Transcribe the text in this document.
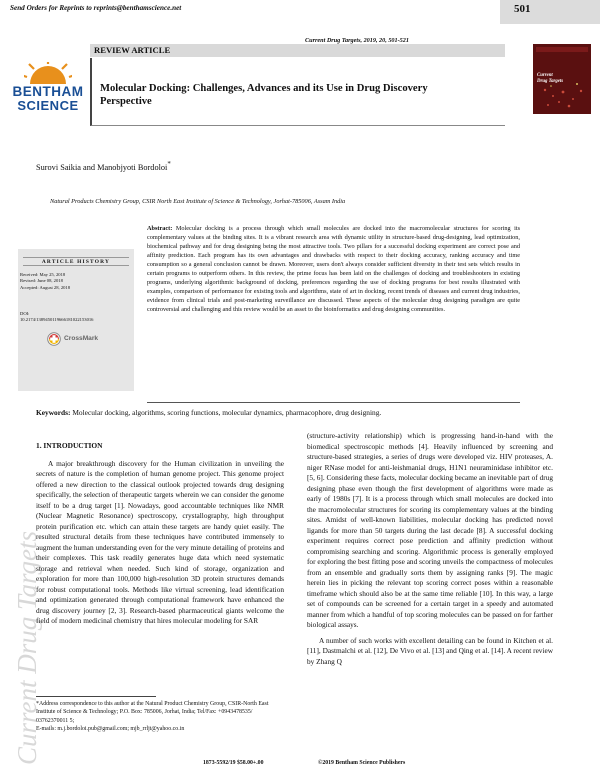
Send Orders for Reprints to reprints@benthamscience.net	501
Current Drug Targets, 2019, 20, 501-521
BENTHAM
SCIENCE
REVIEW ARTICLE
Molecular Docking: Challenges, Advances and its Use in Drug Discovery
Perspective
Current
Drug Targets
Surovi Saikia and Manobjyoti Bordoloi*
Natural Products Chemistry Group, CSIR North East Institute of Science & Technology, Jorhat-785006, Assam India
Current Drug Targets
ARTICLE HISTORY
Received: May 25, 2018
Revised: June 08, 2018
Accepted: August 28, 2018
DOI:
10.2174/1389450119666181022153016
CrossMark
Abstract: Molecular docking is a process through which small molecules are docked into the macromolecular structures for scoring its complementary values at the binding sites. It is a vibrant research area with dynamic utility in structure-based drug-designing, lead optimization, biochemical pathway and for drug designing being the most attractive tools. Two pillars for a successful docking experiment are correct pose and affinity prediction. Each program has its own advantages and drawbacks with respect to their docking accuracy, ranking accuracy and time consumption so a general conclusion cannot be drawn. Moreover, users don't always consider sufficient diversity in their test sets which results in certain programs to outperform others. In this review, the prime focus has been laid on the challenges of docking and troubleshooters in existing programs, underlying algorithmic background of docking, preferences regarding the use of docking programs for best results illustrated with examples, comparison of performance for existing tools and algorithms, state of art in docking, recent trends of diseases and current drug industries, evidence from clinical trials and post-marketing surveillance are discussed. These aspects of the molecular drug designing paradigm are quite controversial and challenging and this review would be an asset to the bioinformatics and drug designing communities.
Keywords: Molecular docking, algorithms, scoring functions, molecular dynamics, pharmacophore, drug designing.
1. INTRODUCTION

A major breakthrough discovery for the Human civilization in unveiling the secrets of nature is the completion of human genome project. This genome project offered a new direction to the classical outlook projected towards drug designing specifically, the selection of therapeutic targets wherein we can consider the genome itself to be a drug target [1]. Nowadays, good accountable techniques like NMR (Nuclear Magnetic Resonance) spectroscopy, crystallography, high throughput protein purification etc. which can attain these targets are handy quiet easily. The resulted structural details from these techniques have contributed immensely to augment the human understanding even for the very minute detailing of proteins and their complexes. This task readily generates huge data which need systematic storage and retrieval when needed. Such kind of storage, organization and exploration for more than 100,000 high-resolution 3D protein structures demands for robust computational tools. Methods like virtual screening, lead identification and optimization generated through computational framework have enhanced the drug discovery journey [2, 3]. Research-based pharmaceutical giants welcome the field of modern medicinal chemistry that hires molecular modeling for SAR

(structure-activity relationship) which is progressing hand-in-hand with the biomedical spectroscopic methods [4]. Heavily influenced by screening and structure-based strategies, a series of drugs were developed viz. HIV proteases, A. niger RNase model for anti-leishmanial drugs, H1N1 neuraminidase inhibitor etc. [5, 6]. Considering these facts, molecular docking became an inevitable part of drug designing phase even though the first development of algorithms were made as early of 1980s [7]. It is a process through which small molecules are docked into the macromolecular structures for scoring its complementary values at the binding sites. Amidst of well-known liabilities, molecular docking has predicted novel ligands for more than 50 targets during the last decade [8]. A successful docking experiment requires correct pose prediction and affinity prediction without compromising searching and scoring. Algorithmic process is generally employed for exploring the best fitting pose and scoring unveils the compactness of molecules from an ensemble and gradually sorts them by assigning ranks [9]. The magic herein lies in picking the relevant top scoring correct poses within a reasonable timeframe which should also be at the same time reliable [10]. In this way, a large set of compounds can be screened for a certain target in a speedy and automated manner from which a handful of top scoring molecules can be passed on for farther biological assays.

A number of such works with excellent detailing can be found in Kitchen et al. [11], Dastmalchi et al. [12], De Vivo et al. [13] and Qing et al. [14]. A recent review by Zhang Q

*Address correspondence to this author at the Natural Product Chemistry Group, CSIR-North East Institute of Science & Technology; P.O. Box: 785006, Jorhat, India; Tel/Fax: +0943478535/ 03762370011 5;
E-mails: m.j.bordoloi.pub@gmail.com; mjb_rrljt@yahoo.co.in
1873-5592/19 $58.00+.00	©2019 Bentham Science Publishers
